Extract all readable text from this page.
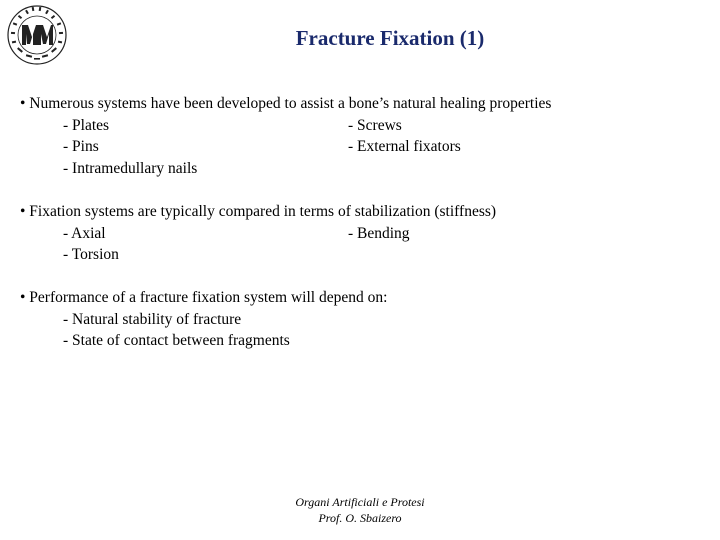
Fracture Fixation (1)
• Numerous systems have been developed to assist a bone’s natural healing properties
- Plates	- Screws
- Pins	- External fixators
- Intramedullary nails
• Fixation systems are typically compared in terms of stabilization (stiffness)
- Axial	- Bending
- Torsion
• Performance of a fracture fixation system will depend on:
- Natural stability of fracture
- State of contact between fragments
Organi Artificiali e Protesi
Prof. O. Sbaizero
